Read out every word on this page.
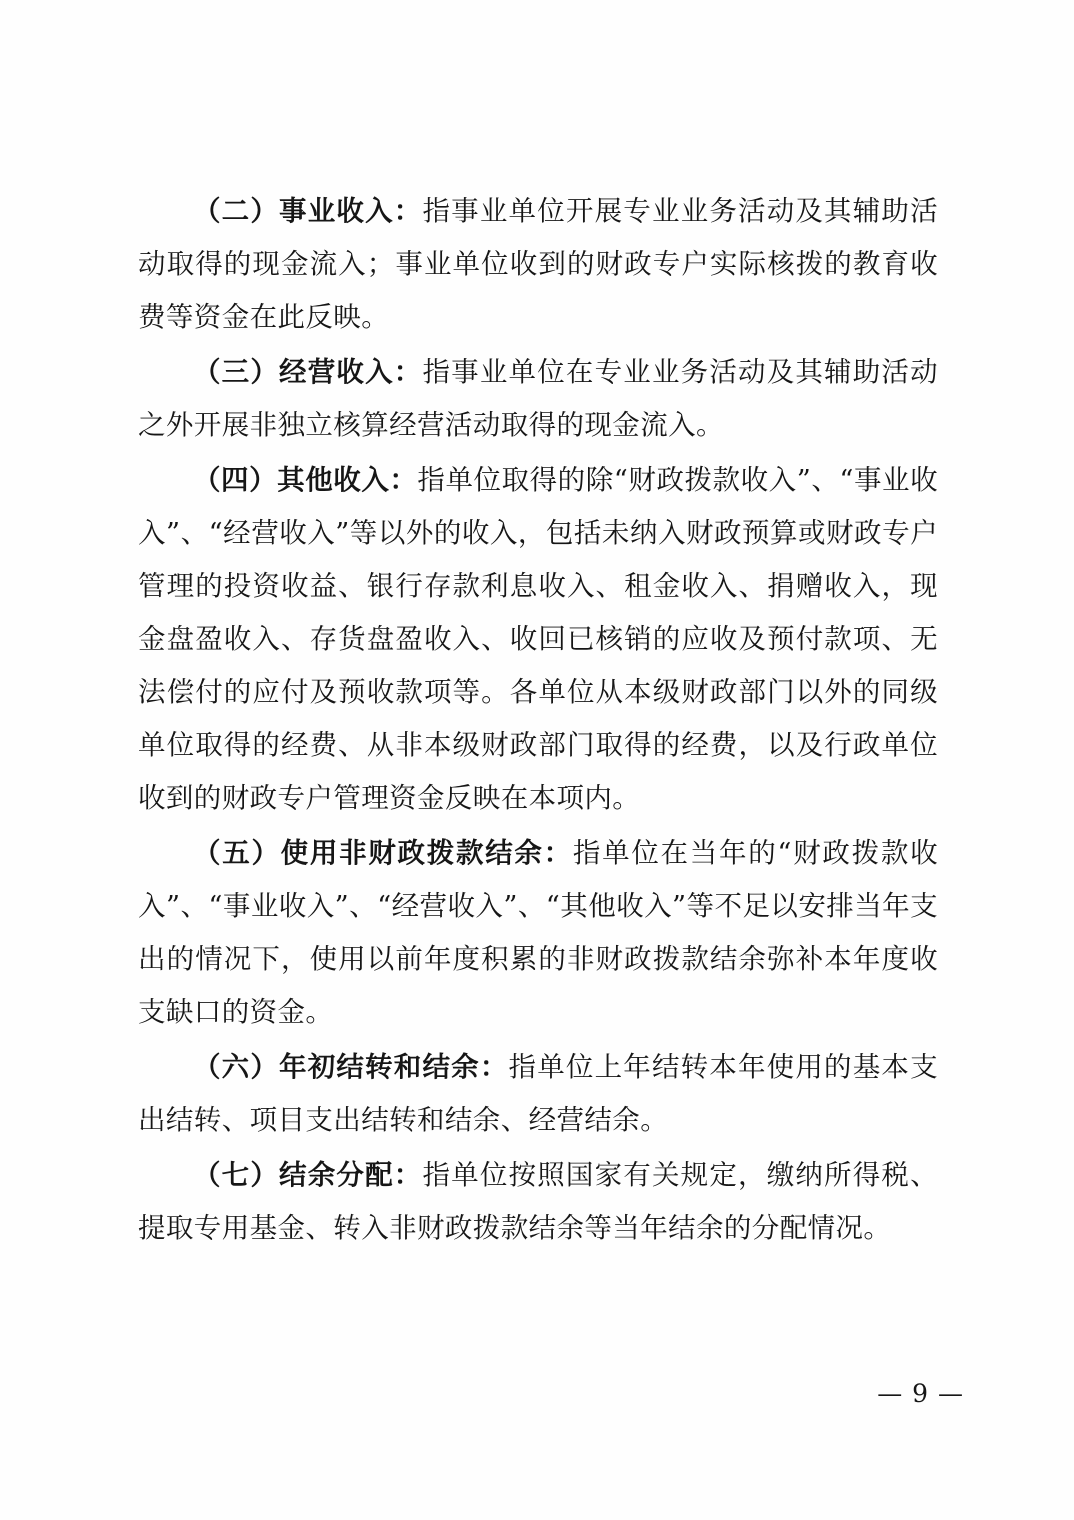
（二）事业收入：指事业单位开展专业业务活动及其辅助活动取得的现金流入；事业单位收到的财政专户实际核拨的教育收费等资金在此反映。

（三）经营收入：指事业单位在专业业务活动及其辅助活动之外开展非独立核算经营活动取得的现金流入。

（四）其他收入：指单位取得的除“财政拨款收入”、“事业收入”、“经营收入”等以外的收入，包括未纳入财政预算或财政专户管理的投资收益、银行存款利息收入、租金收入、捐赠收入，现金盘盈收入、存货盘盈收入、收回已核销的应收及预付款项、无法偿付的应付及预收款项等。各单位从本级财政部门以外的同级单位取得的经费、从非本级财政部门取得的经费，以及行政单位收到的财政专户管理资金反映在本项内。

（五）使用非财政拨款结余：指单位在当年的“财政拨款收入”、“事业收入”、“经营收入”、“其他收入”等不足以安排当年支出的情况下，使用以前年度积累的非财政拨款结余弥补本年度收支缺口的资金。

（六）年初结转和结余：指单位上年结转本年使用的基本支出结转、项目支出结转和结余、经营结余。

（七）结余分配：指单位按照国家有关规定，缴纳所得税、提取专用基金、转入非财政拨款结余等当年结余的分配情况。

— 9 —
